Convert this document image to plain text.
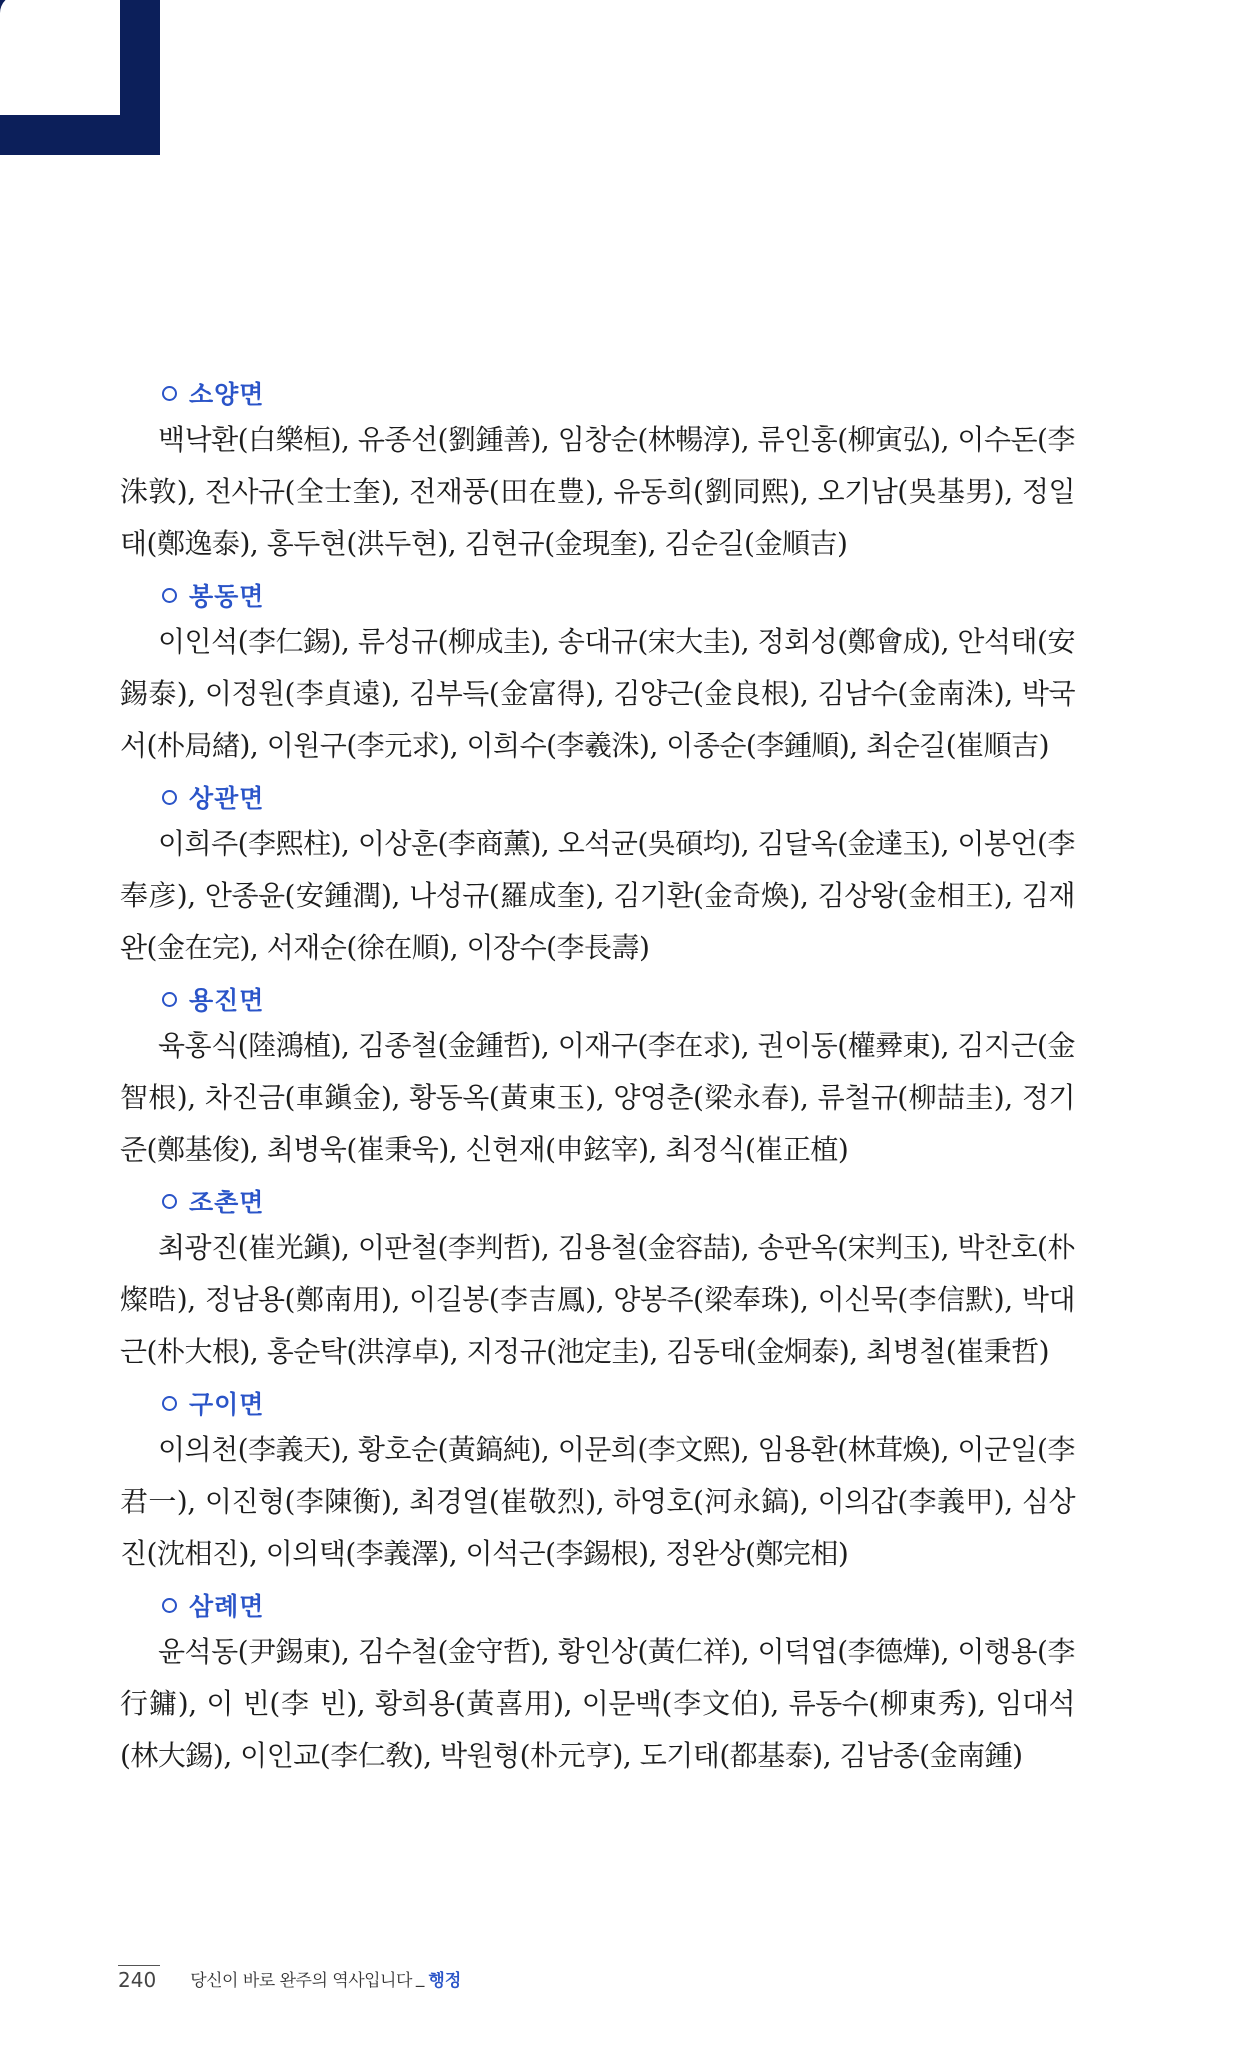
소양면

백낙환(白樂桓), 유종선(劉鍾善), 임창순(林暢淳), 류인홍(柳寅弘), 이수돈(李洙敦), 전사규(全士奎), 전재풍(田在豊), 유동희(劉同熙), 오기남(吳基男), 정일태(鄭逸泰), 홍두현(洪두현), 김현규(金現奎), 김순길(金順吉)

봉동면

이인석(李仁錫), 류성규(柳成圭), 송대규(宋大圭), 정회성(鄭會成), 안석태(安錫泰), 이정원(李貞遠), 김부득(金富得), 김양근(金良根), 김남수(金南洙), 박국서(朴局緖), 이원구(李元求), 이희수(李羲洙), 이종순(李鍾順), 최순길(崔順吉)

상관면

이희주(李熙柱), 이상훈(李商薰), 오석균(吳碩均), 김달옥(金達玉), 이봉언(李奉彦), 안종윤(安鍾潤), 나성규(羅成奎), 김기환(金奇煥), 김상왕(金相王), 김재완(金在完), 서재순(徐在順), 이장수(李長壽)

용진면

육홍식(陸鴻植), 김종철(金鍾哲), 이재구(李在求), 권이동(權彛東), 김지근(金智根), 차진금(車鎭金), 황동옥(黃東玉), 양영춘(梁永春), 류철규(柳喆圭), 정기준(鄭基俊), 최병욱(崔秉욱), 신현재(申鉉宰), 최정식(崔正植)

조촌면

최광진(崔光鎭), 이판철(李判哲), 김용철(金容喆), 송판옥(宋判玉), 박찬호(朴燦晧), 정남용(鄭南用), 이길봉(李吉鳳), 양봉주(梁奉珠), 이신묵(李信默), 박대근(朴大根), 홍순탁(洪淳卓), 지정규(池定圭), 김동태(金烔泰), 최병철(崔秉哲)

구이면

이의천(李義天), 황호순(黃鎬純), 이문희(李文熙), 임용환(林茸煥), 이군일(李君一), 이진형(李陳衡), 최경열(崔敬烈), 하영호(河永鎬), 이의갑(李義甲), 심상진(沈相진), 이의택(李義澤), 이석근(李錫根), 정완상(鄭完相)

삼례면

윤석동(尹錫東), 김수철(金守哲), 황인상(黃仁祥), 이덕엽(李德燁), 이행용(李行鏞), 이 빈(李 빈), 황희용(黃喜用), 이문백(李文伯), 류동수(柳東秀), 임대석(林大錫), 이인교(李仁敎), 박원형(朴元亨), 도기태(都基泰), 김남종(金南鍾)

240 당신이 바로 완주의 역사입니다 _ 행정
